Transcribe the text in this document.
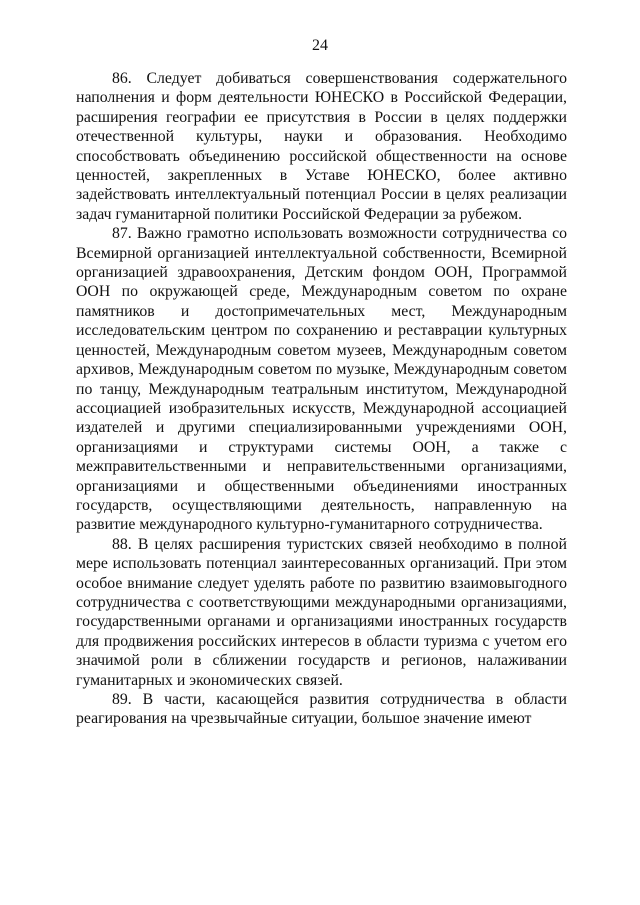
24

86. Следует добиваться совершенствования содержательного наполнения и форм деятельности ЮНЕСКО в Российской Федерации, расширения географии ее присутствия в России в целях поддержки отечественной культуры, науки и образования. Необходимо способствовать объединению российской общественности на основе ценностей, закрепленных в Уставе ЮНЕСКО, более активно задействовать интеллектуальный потенциал России в целях реализации задач гуманитарной политики Российской Федерации за рубежом.

87. Важно грамотно использовать возможности сотрудничества со Всемирной организацией интеллектуальной собственности, Всемирной организацией здравоохранения, Детским фондом ООН, Программой ООН по окружающей среде, Международным советом по охране памятников и достопримечательных мест, Международным исследовательским центром по сохранению и реставрации культурных ценностей, Международным советом музеев, Международным советом архивов, Международным советом по музыке, Международным советом по танцу, Международным театральным институтом, Международной ассоциацией изобразительных искусств, Международной ассоциацией издателей и другими специализированными учреждениями ООН, организациями и структурами системы ООН, а также с межправительственными и неправительственными организациями, организациями и общественными объединениями иностранных государств, осуществляющими деятельность, направленную на развитие международного культурно-гуманитарного сотрудничества.

88. В целях расширения туристских связей необходимо в полной мере использовать потенциал заинтересованных организаций. При этом особое внимание следует уделять работе по развитию взаимовыгодного сотрудничества с соответствующими международными организациями, государственными органами и организациями иностранных государств для продвижения российских интересов в области туризма с учетом его значимой роли в сближении государств и регионов, налаживании гуманитарных и экономических связей.

89. В части, касающейся развития сотрудничества в области реагирования на чрезвычайные ситуации, большое значение имеют
